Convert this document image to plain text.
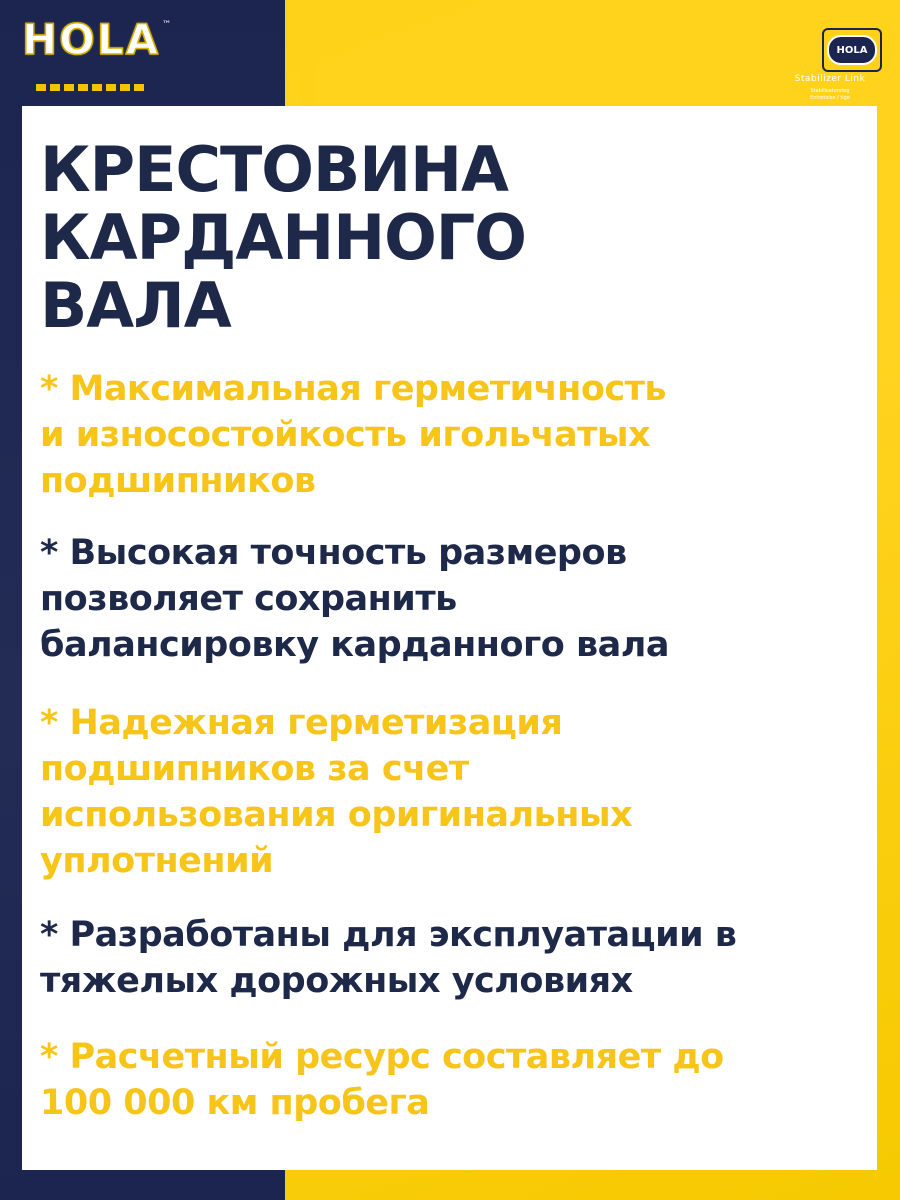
HOLA ™
HOLA
Stabilizer Link
Stabilisatorsteg
Entretoise / tige
КРЕСТОВИНА
КАРДАННОГО
ВАЛА
* Максимальная герметичность
и износостойкость игольчатых
подшипников
* Высокая точность размеров
позволяет сохранить
балансировку карданного вала
* Надежная герметизация
подшипников за счет
использования оригинальных
уплотнений
* Разработаны для эксплуатации в
тяжелых дорожных условиях
* Расчетный ресурс составляет до
100 000 км пробега
